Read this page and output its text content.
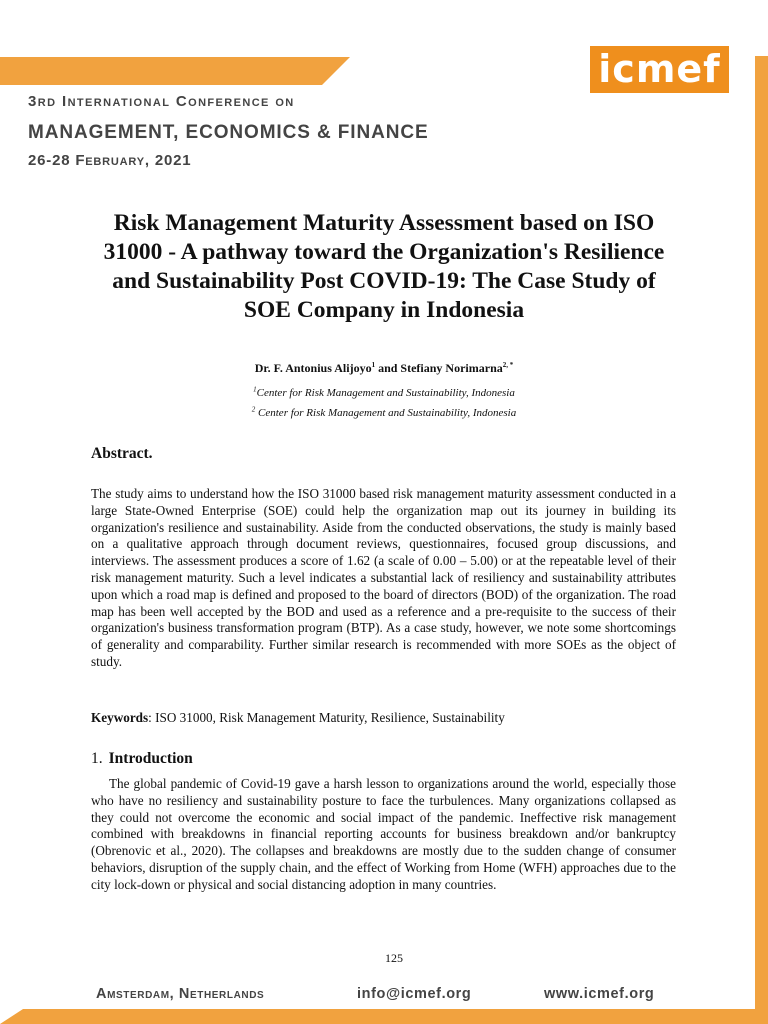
icmef
3rd International Conference on
MANAGEMENT, ECONOMICS & FINANCE
26-28 February, 2021
Risk Management Maturity Assessment based on ISO 31000 - A pathway toward the Organization's Resilience and Sustainability Post COVID-19: The Case Study of SOE Company in Indonesia
Dr. F. Antonius Alijoyo$^1$ and Stefiany Norimarna$^{2, *}$
$^1$Center for Risk Management and Sustainability, Indonesia
$^2$ Center for Risk Management and Sustainability, Indonesia
Abstract.
The study aims to understand how the ISO 31000 based risk management maturity assessment conducted in a large State-Owned Enterprise (SOE) could help the organization map out its journey in building its organization's resilience and sustainability. Aside from the conducted observations, the study is mainly based on a qualitative approach through document reviews, questionnaires, focused group discussions, and interviews. The assessment produces a score of 1.62 (a scale of 0.00 – 5.00) or at the repeatable level of their risk management maturity. Such a level indicates a substantial lack of resiliency and sustainability attributes upon which a road map is defined and proposed to the board of directors (BOD) of the organization. The road map has been well accepted by the BOD and used as a reference and a pre-requisite to the success of their organization's business transformation program (BTP). As a case study, however, we note some shortcomings of generality and comparability. Further similar research is recommended with more SOEs as the object of study.
Keywords: ISO 31000, Risk Management Maturity, Resilience, Sustainability
1. Introduction
The global pandemic of Covid-19 gave a harsh lesson to organizations around the world, especially those who have no resiliency and sustainability posture to face the turbulences. Many organizations collapsed as they could not overcome the economic and social impact of the pandemic. Ineffective risk management combined with breakdowns in financial reporting accounts for business breakdown and/or bankruptcy (Obrenovic et al., 2020). The collapses and breakdowns are mostly due to the sudden change of consumer behaviors, disruption of the supply chain, and the effect of Working from Home (WFH) approaches due to the city lock-down or physical and social distancing adoption in many countries.
125
Amsterdam, Netherlands	info@icmef.org	www.icmef.org
